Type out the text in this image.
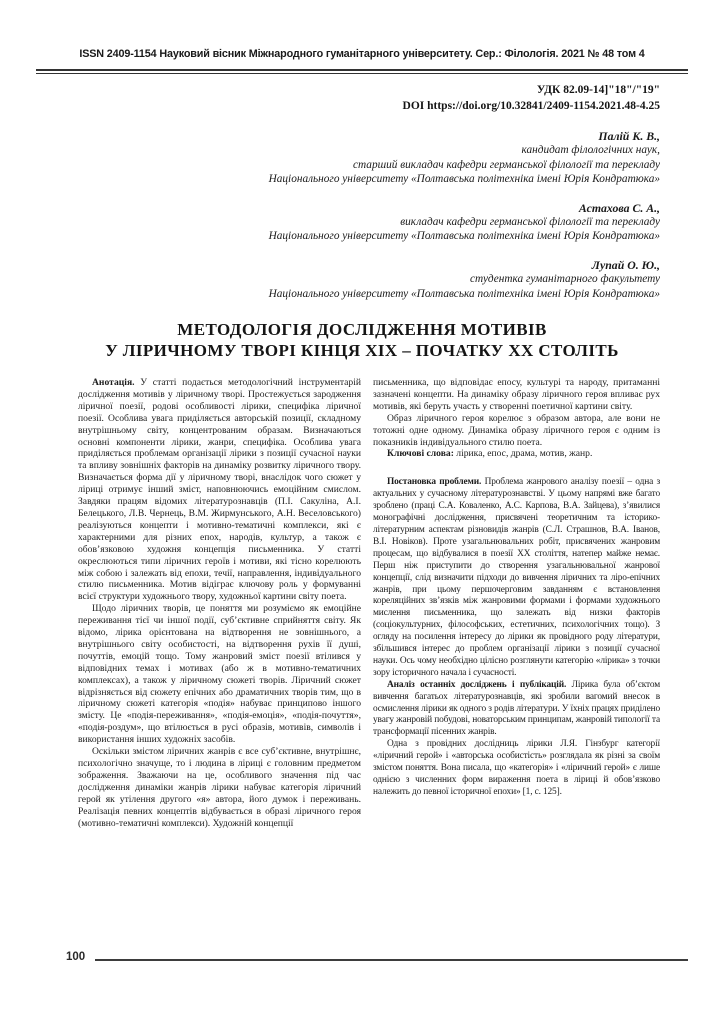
ISSN 2409-1154 Науковий вісник Міжнародного гуманітарного університету. Сер.: Філологія. 2021 № 48 том 4
УДК 82.09-14]"18"/"19"
DOI https://doi.org/10.32841/2409-1154.2021.48-4.25
Палій К. В.,
кандидат філологічних наук,
старший викладач кафедри германської філології та перекладу
Національного університету «Полтавська політехніка імені Юрія Кондратюка»
Астахова С. А.,
викладач кафедри германської філології та перекладу
Національного університету «Полтавська політехніка імені Юрія Кондратюка»
Лупай О. Ю.,
студентка гуманітарного факультету
Національного університету «Полтавська політехніка імені Юрія Кондратюка»
МЕТОДОЛОГІЯ ДОСЛІДЖЕННЯ МОТИВІВ
У ЛІРИЧНОМУ ТВОРІ КІНЦЯ XIX – ПОЧАТКУ XX СТОЛІТЬ

Анотація. У статті подається методологічний інструментарій дослідження мотивів у ліричному творі. Простежується зародження ліричної поезії, родові особливості лірики, специфіка ліричної поезії. Особлива увага приділяється авторській позиції, складному внутрішньому світу, концентрованим образам. Визначаються основні компоненти лірики, жанри, специфіка. Особлива увага приділяється проблемам організації лірики з позиції сучасної науки та впливу зовнішніх факторів на динаміку розвитку ліричного твору. Визначається форма дії у ліричному творі, внаслідок чого сюжет у ліриці отримує інший зміст, наповнюючись емоційним смислом. Завдяки працям відомих літературознавців (П.І. Сакуліна, А.І. Белецького, Л.В. Чернець, В.М. Жирмунського, А.Н. Веселовського) реалізуються концепти і мотивно-тематичні комплекси, які є характерними для різних епох, народів, культур, а також є обов’язковою художня концепція письменника. У статті окреслюються типи ліричних героїв і мотиви, які тісно корелюють між собою і залежать від епохи, течії, направлення, індивідуального стилю письменника. Мотив відіграє ключову роль у формуванні всієї структури художнього твору, художньої картини світу поета.

Щодо ліричних творів, це поняття ми розуміємо як емоційне переживання тієї чи іншої події, суб’єктивне сприйняття світу. Як відомо, лірика орієнтована на відтворення не зовнішнього, а внутрішнього світу особистості, на відтворення рухів її душі, почуттів, емоцій тощо. Тому жанровий зміст поезії втілився у відповідних темах і мотивах (або ж в мотивно-тематичних комплексах), а також у ліричному сюжеті творів. Ліричний сюжет відрізняється від сюжету епічних або драматичних творів тим, що в ліричному сюжеті категорія «подія» набуває принципово іншого змісту. Це «подія-переживання», «подія-емоція», «подія-почуття», «подія-роздум», що втілюється в русі образів, мотивів, символів і використання інших художніх засобів.

Оскільки змістом ліричних жанрів є все суб’єктивне, внутрішнє, психологічно значуще, то і людина в ліриці є головним предметом зображення. Зважаючи на це, особливого значення під час дослідження динаміки жанрів лірики набуває категорія ліричний герой як утілення другого «я» автора, його думок і переживань. Реалізація певних концептів відбувається в образі ліричного героя (мотивно-тематичні комплекси). Художній концепції

письменника, що відповідає епосу, культурі та народу, притаманні зазначені концепти. На динаміку образу ліричного героя впливає рух мотивів, які беруть участь у створенні поетичної картини світу.

Образ ліричного героя корелює з образом автора, але вони не тотожні одне одному. Динаміка образу ліричного героя є одним із показників індивідуального стилю поета.

Ключові слова: лірика, епос, драма, мотив, жанр.

Постановка проблеми. Проблема жанрового аналізу поезії – одна з актуальних у сучасному літературознавстві. У цьому напрямі вже багато зроблено (праці С.А. Коваленко, А.С. Карпова, В.А. Зайцева), з’явилися монографічні дослідження, присвячені теоретичним та історико-літературним аспектам різновидів жанрів (С.Л. Страшнов, В.А. Іванов, В.І. Новіков). Проте узагальнювальних робіт, присвячених жанровим процесам, що відбувалися в поезії XX століття, натепер майже немає. Перш ніж приступити до створення узагальнювальної жанрової концепції, слід визначити підходи до вивчення ліричних та ліро-епічних жанрів, при цьому першочерговим завданням є встановлення кореляційних зв’язків між жанровими формами і формами художнього мислення письменника, що залежать від низки факторів (соціокультурних, філософських, естетичних, психологічних тощо). З огляду на посилення інтересу до лірики як провідного роду літератури, збільшився інтерес до проблем організації лірики з позиції сучасної науки. Ось чому необхідно цілісно розглянути категорію «лірика» з точки зору історичного начала і сучасності.

Аналіз останніх досліджень і публікацій. Лірика була об’єктом вивчення багатьох літературознавців, які зробили вагомий внесок в осмислення лірики як одного з родів літератури. У їхніх працях приділено увагу жанровій побудові, новаторським принципам, жанровій типології та трансформації пісенних жанрів.

Одна з провідних дослідниць лірики Л.Я. Гінзбург категорії «ліричний герой» і «авторська особистість» розглядала як різні за своїм змістом поняття. Вона писала, що «категорія» і «ліричний герой» є лише однією з численних форм вираження поета в ліриці й обов’язково належить до певної історичної епохи» [1, с. 125].

100
